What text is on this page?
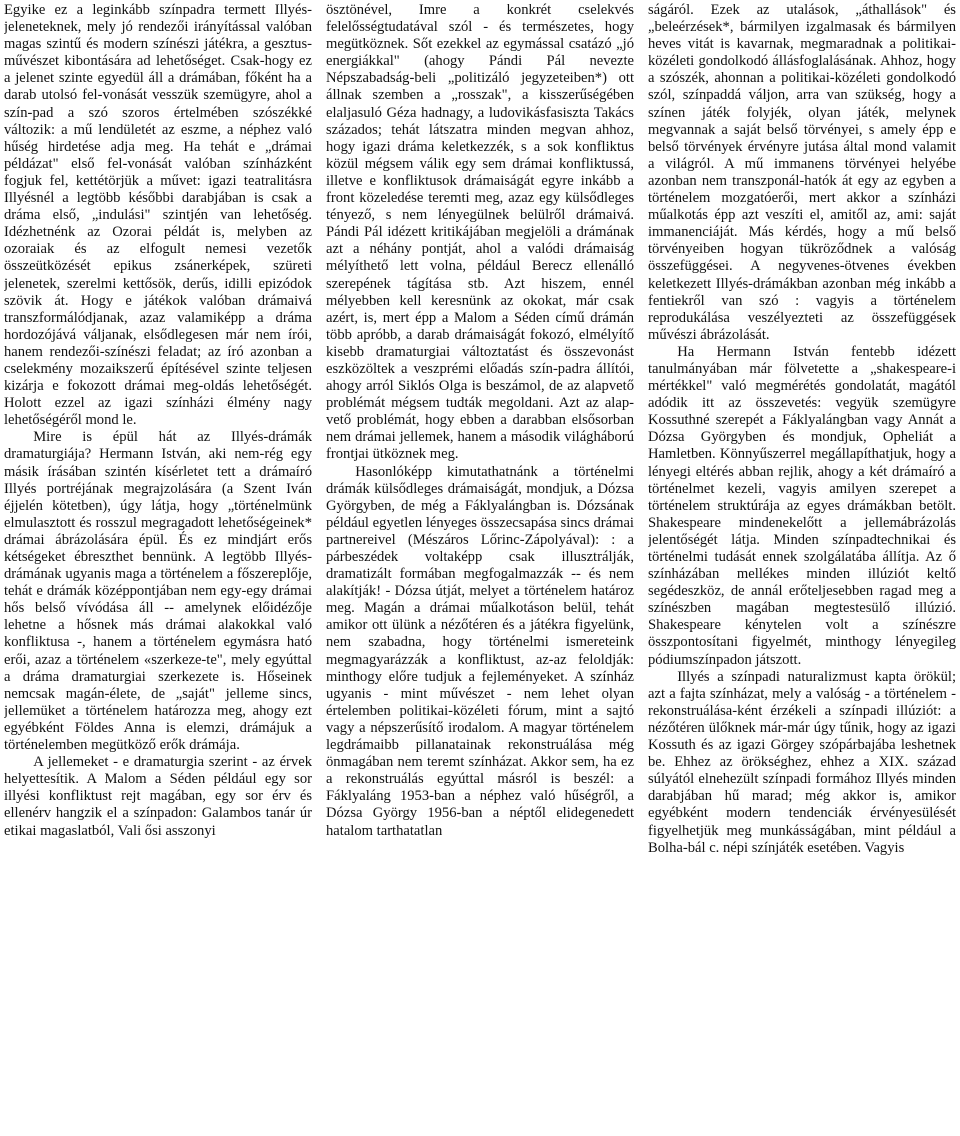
Egyike ez a leginkább színpadra termett Illyés-jeleneteknek, mely jó rendezői irányítással valóban magas szintű és modern színészi játékra, a gesztus-művészet kibontására ad lehetőséget. Csak-hogy ez a jelenet szinte egyedül áll a drámában, főként ha a darab utolsó fel-vonását vesszük szemügyre, ahol a szín-pad a szó szoros értelmében szószékké változik: a mű lendületét az eszme, a néphez való hűség hirdetése adja meg. Ha tehát e „drámai példázat" első fel-vonását valóban színházként fogjuk fel, kettétörjük a művet: igazi teatralitásra Illyésnél a legtöbb későbbi darabjában is csak a dráma első, „indulási" szintjén van lehetőség. Idézhetnénk az Ozorai példát is, melyben az ozoraiak és az elfogult nemesi vezetők összeütközését epikus zsánerképek, szüreti jelenetek, szerelmi kettősök, derűs, idilli epizódok szövik át. Hogy e játékok valóban drámaivá transzformálódjanak, azaz valamiképp a dráma hordozójává váljanak, elsődlegesen már nem írói, hanem rendezői-színészi feladat; az író azonban a cselekmény mozaikszerű építésével szinte teljesen kizárja e fokozott drámai meg-oldás lehetőségét. Holott ezzel az igazi színházi élmény nagy lehetőségéről mond le.

Mire is épül hát az Illyés-drámák dramaturgiája? Hermann István, aki nem-rég egy másik írásában szintén kísérletet tett a drámaíró Illyés portréjának megrajzolására (a Szent Iván éjjelén kötetben), úgy látja, hogy „történelmünk elmulasztott és rosszul megragadott lehetőségeinek* drámai ábrázolására épül. És ez mindjárt erős kétségeket ébreszthet bennünk. A legtöbb Illyés-drámának ugyanis maga a történelem a főszereplője, tehát e drámák középpontjában nem egy-egy drámai hős belső vívódása áll -- amelynek előidézője lehetne a hősnek más drámai alakokkal való konfliktusa -, hanem a történelem egymásra ható erői, azaz a történelem «szerkeze-te", mely egyúttal a dráma dramaturgiai szerkezete is. Hőseinek nemcsak magán-élete, de „saját" jelleme sincs, jellemüket a történelem határozza meg, ahogy ezt egyébként Földes Anna is elemzi, drámájuk a történelemben megütköző erők drámája.

A jellemeket - e dramaturgia szerint - az érvek helyettesítik. A Malom a Séden például egy sor illyési konfliktust rejt magában, egy sor érv és ellenérv hangzik el a színpadon: Galambos tanár úr etikai magaslatból, Vali ősi asszonyi

ösztönével, Imre a konkrét cselekvés felelősségtudatával szól - és természetes, hogy megütköznek. Sőt ezekkel az egymással csatázó „jó energiákkal" (ahogy Pándi Pál nevezte Népszabadság-beli „politizáló jegyzeteiben*) ott állnak szemben a „rosszak", a kisszerűségében elaljasuló Géza hadnagy, a ludovikásfasiszta Takács százados; tehát látszatra minden megvan ahhoz, hogy igazi dráma keletkezzék, s a sok konfliktus közül mégsem válik egy sem drámai konfliktussá, illetve e konfliktusok drámaiságát egyre inkább a front közeledése teremti meg, azaz egy külsődleges tényező, s nem lényegülnek belülről drámaivá. Pándi Pál idézett kritikájában megjelöli a drámának azt a néhány pontját, ahol a valódi drámaiság mélyíthető lett volna, például Berecz ellenálló szerepének tágítása stb. Azt hiszem, ennél mélyebben kell keresnünk az okokat, már csak azért, is, mert épp a Malom a Séden című drámán több apróbb, a darab drámaiságát fokozó, elmélyítő kisebb dramaturgiai változtatást és összevonást eszközöltek a veszprémi előadás szín-padra állítói, ahogy arról Siklós Olga is beszámol, de az alapvető problémát mégsem tudták megoldani. Azt az alap-vető problémát, hogy ebben a darabban elsősorban nem drámai jellemek, hanem a második világháború frontjai ütköznek meg.

Hasonlóképp kimutathatnánk a történelmi drámák külsődleges drámaiságát, mondjuk, a Dózsa Györgyben, de még a Fáklyalángban is. Dózsának például egyetlen lényeges összecsapása sincs drámai partnereivel (Mészáros Lőrinc-Zápolyával): : a párbeszédek voltaképp csak illusztrálják, dramatizált formában megfogalmazzák -- és nem alakítják! - Dózsa útját, melyet a történelem határoz meg. Magán a drámai műalkotáson belül, tehát amikor ott ülünk a nézőtéren és a játékra figyelünk, nem szabadna, hogy történelmi ismereteink megmagyarázzák a konfliktust, az-az feloldják: minthogy előre tudjuk a fejleményeket. A színház ugyanis - mint művészet - nem lehet olyan értelemben politikai-közéleti fórum, mint a sajtó vagy a népszerűsítő irodalom. A magyar történelem legdrámaibb pillanatainak rekonstruálása még önmagában nem teremt színházat. Akkor sem, ha ez a rekonstruálás egyúttal másról is beszél: a Fáklyaláng 1953-ban a néphez való hűségről, a Dózsa György 1956-ban a néptől elidegenedett hatalom tarthatatlan

ságáról. Ezek az utalások, „áthallások" és „beleérzések*, bármilyen izgalmasak és bármilyen heves vitát is kavarnak, megmaradnak a politikai-közéleti gondolkodó állásfoglalásának. Ahhoz, hogy a szószék, ahonnan a politikai-közéleti gondolkodó szól, színpaddá váljon, arra van szükség, hogy a színen játék folyjék, olyan játék, melynek megvannak a saját belső törvényei, s amely épp e belső törvények érvényre jutása által mond valamit a világról. A mű immanens törvényei helyébe azonban nem transzponál-hatók át egy az egyben a történelem mozgatóerői, mert akkor a színházi műalkotás épp azt veszíti el, amitől az, ami: saját immanenciáját. Más kérdés, hogy a mű belső törvényeiben hogyan tükröződnek a valóság összefüggései. A negyvenes-ötvenes években keletkezett Illyés-drámákban azonban még inkább a fentiekről van szó : vagyis a történelem reprodukálása veszélyezteti az összefüggések művészi ábrázolását.

Ha Hermann István fentebb idézett tanulmányában már fölvetette a „shakespeare-i mértékkel" való megmérétés gondolatát, magától adódik itt az összevetés: vegyük szemügyre Kossuthné szerepét a Fáklyalángban vagy Annát a Dózsa Györgyben és mondjuk, Opheliát a Hamletben. Könnyűszerrel megállapíthatjuk, hogy a lényegi eltérés abban rejlik, ahogy a két drámaíró a történelmet kezeli, vagyis amilyen szerepet a történelem struktúrája az egyes drámákban betölt. Shakespeare mindenekelőtt a jellemábrázolás jelentőségét látja. Minden színpadtechnikai és történelmi tudását ennek szolgálatába állítja. Az ő színházában mellékes minden illúziót keltő segédeszköz, de annál erőteljesebben ragad meg a színészben magában megtestesülő illúzió. Shakespeare kénytelen volt a színészre összpontosítani figyelmét, minthogy lényegileg pódiumszínpadon játszott.

Illyés a színpadi naturalizmust kapta örökül; azt a fajta színházat, mely a valóság - a történelem - rekonstruálása-ként érzékeli a színpadi illúziót: a nézőtéren ülőknek már-már úgy tűnik, hogy az igazi Kossuth és az igazi Görgey szópárbajába leshetnek be. Ehhez az örökséghez, ehhez a XIX. század súlyától elnehezült színpadi formához Illyés minden darabjában hű marad; még akkor is, amikor egyébként modern tendenciák érvényesülését figyelhetjük meg munkásságában, mint például a Bolha-bál c. népi színjáték esetében. Vagyis
